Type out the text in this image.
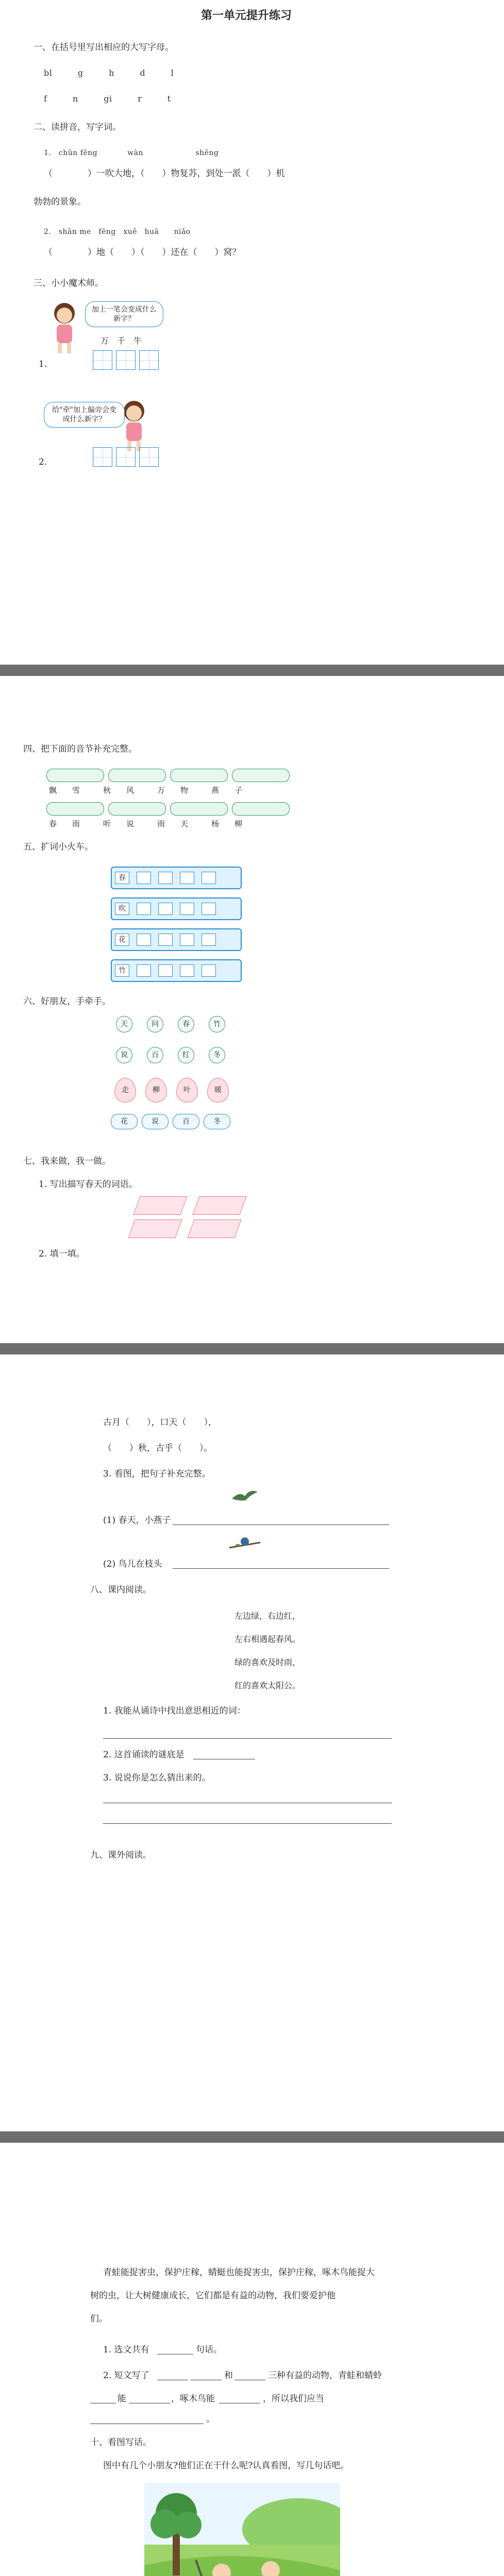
第一单元提升练习
一、在括号里写出相应的大写字母。
bl　　　g　　　h　　　d　　　l
f　　　n　　　gi　　　r　　　t
二、读拼音，写字词。
1.　chūn fēng　　　　wàn　　　　　　　shēng
（　　　　）一吹大地，（　　）物复苏，到处一派（　　）机
勃勃的景象。
2.　shān me　fēng　xuě　huā　　niǎo
（　　　　）地（　　）（　　）还在（　　）窝？
三、小小魔术师。
加上一笔会变成什么新字？
1.
万　千　牛
给"牵"加上偏旁会变成什么新字？
2.
四、把下面的音节补充完整。
飘　　雪　　　秋　　风　　　万　　物　　　燕　　子
春　　雨　　　听　　说　　　雨　　天　　　杨　　柳
五、扩词小火车。
春
吹
花
竹
六、好朋友，手牵手。
天	问	春	竹
说	百	红	冬
走	柳	叶	暖
花	说	百	冬
七、我来做，我一做。
1. 写出描写春天的词语。
2. 填一填。
古月（　　），口天（　　），
（　　）秋，古乎（　　）。
3. 看图，把句子补充完整。
(1) 春天，小燕子
(2) 鸟儿在枝头
八、课内阅读。
左边绿，右边红，
左右相遇起春风。
绿的喜欢及时雨，
红的喜欢太阳公。
1. 我能从诵诗中找出意思相近的词：
2. 这首诵读的谜底是
3. 说说你是怎么猜出来的。
九、课外阅读。
青蛙能捉害虫，保护庄稼，蜻蜓也能捉害虫，保护庄稼，啄木鸟能捉大
树的虫，让大树健康成长，它们都是有益的动物，我们要爱护他
们。
1. 选文共有	句话。
2. 短文写了	和	三种有益的动物，青蛙和蜻蛉
能	，啄木鸟能	，所以我们应当
。
十、看图写话。
图中有几个小朋友?他们正在干什么呢?认真看图，写几句话吧。
